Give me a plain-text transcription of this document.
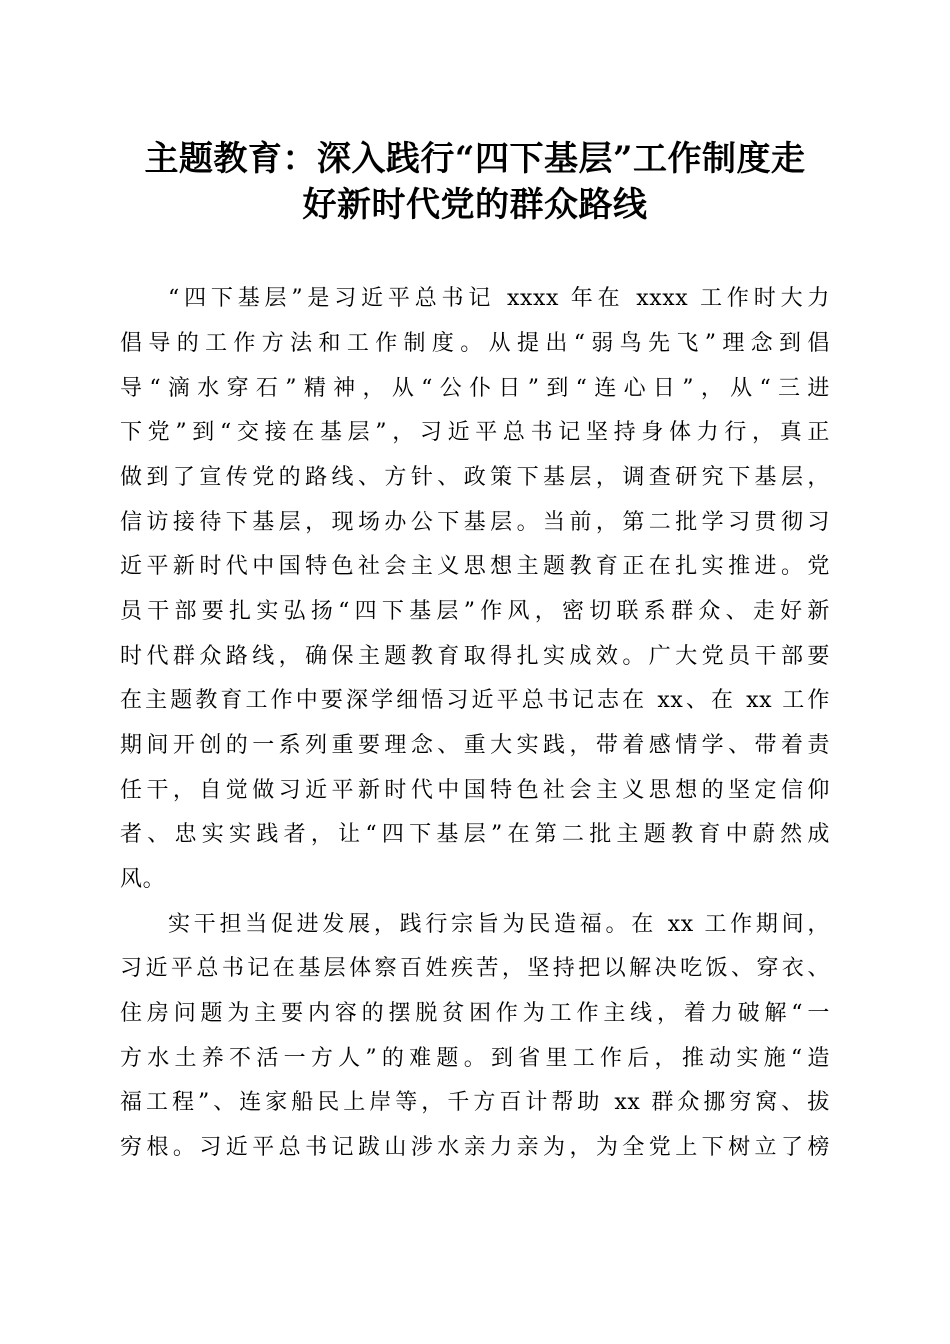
主题教育：深入践行“四下基层”工作制度走
好新时代党的群众路线
“四下基层”是习近平总书记 xxxx 年在 xxxx 工作时大力
倡导的工作方法和工作制度。从提出“弱鸟先飞”理念到倡
导“滴水穿石”精神，从“公仆日”到“连心日”，从“三进
下党”到“交接在基层”，习近平总书记坚持身体力行，真正
做到了宣传党的路线、方针、政策下基层，调查研究下基层，
信访接待下基层，现场办公下基层。当前，第二批学习贯彻习
近平新时代中国特色社会主义思想主题教育正在扎实推进。党
员干部要扎实弘扬“四下基层”作风，密切联系群众、走好新
时代群众路线，确保主题教育取得扎实成效。广大党员干部要
在主题教育工作中要深学细悟习近平总书记志在 xx、在 xx 工作
期间开创的一系列重要理念、重大实践，带着感情学、带着责
任干，自觉做习近平新时代中国特色社会主义思想的坚定信仰
者、忠实实践者，让“四下基层”在第二批主题教育中蔚然成
风。
实干担当促进发展，践行宗旨为民造福。在 xx 工作期间，
习近平总书记在基层体察百姓疾苦，坚持把以解决吃饭、穿衣、
住房问题为主要内容的摆脱贫困作为工作主线，着力破解“一
方水土养不活一方人”的难题。到省里工作后，推动实施“造
福工程”、连家船民上岸等，千方百计帮助 xx 群众挪穷窝、拔
穷根。习近平总书记跋山涉水亲力亲为，为全党上下树立了榜
